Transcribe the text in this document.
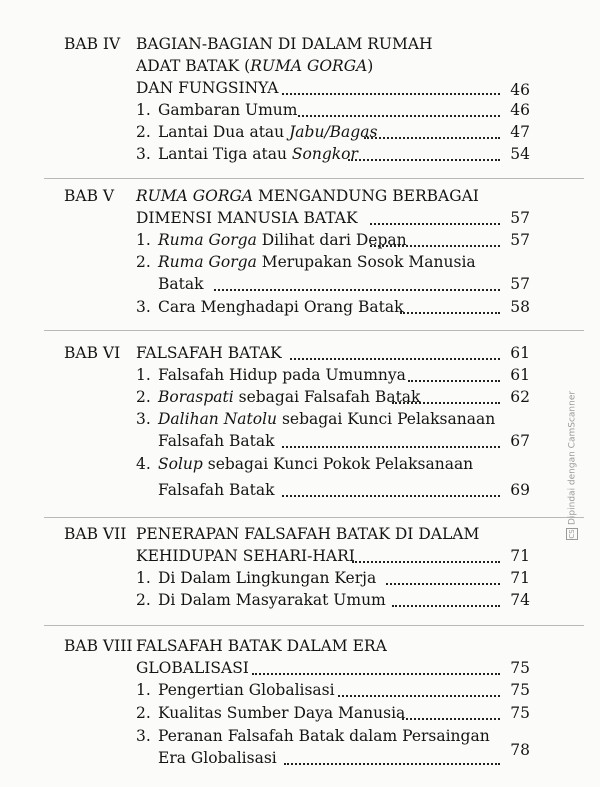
BAB IV BAGIAN-BAGIAN DI DALAM RUMAH
ADAT BATAK (RUMA GORGA)
DAN FUNGSINYA	46
1. Gambaran Umum	46
2. Lantai Dua atau Jabu/Bagas	47
3. Lantai Tiga atau Songkor	54
BAB V RUMA GORGA MENGANDUNG BERBAGAI
DIMENSI MANUSIA BATAK	57
1. Ruma Gorga Dilihat dari Depan	57
2. Ruma Gorga Merupakan Sosok Manusia
Batak	57
3. Cara Menghadapi Orang Batak	58
BAB VI FALSAFAH BATAK	61
1. Falsafah Hidup pada Umumnya	61
2. Boraspati sebagai Falsafah Batak	62
3. Dalihan Natolu sebagai Kunci Pelaksanaan
Falsafah Batak	67
4. Solup sebagai Kunci Pokok Pelaksanaan
Falsafah Batak	69
BAB VII PENERAPAN FALSAFAH BATAK DI DALAM
KEHIDUPAN SEHARI-HARI	71
1. Di Dalam Lingkungan Kerja	71
2. Di Dalam Masyarakat Umum	74
BAB VIII FALSAFAH BATAK DALAM ERA
GLOBALISASI	75
1. Pengertian Globalisasi	75
2. Kualitas Sumber Daya Manusia	75
3. Peranan Falsafah Batak dalam Persaingan
Era Globalisasi	78
CSDipindai dengan CamScanner
